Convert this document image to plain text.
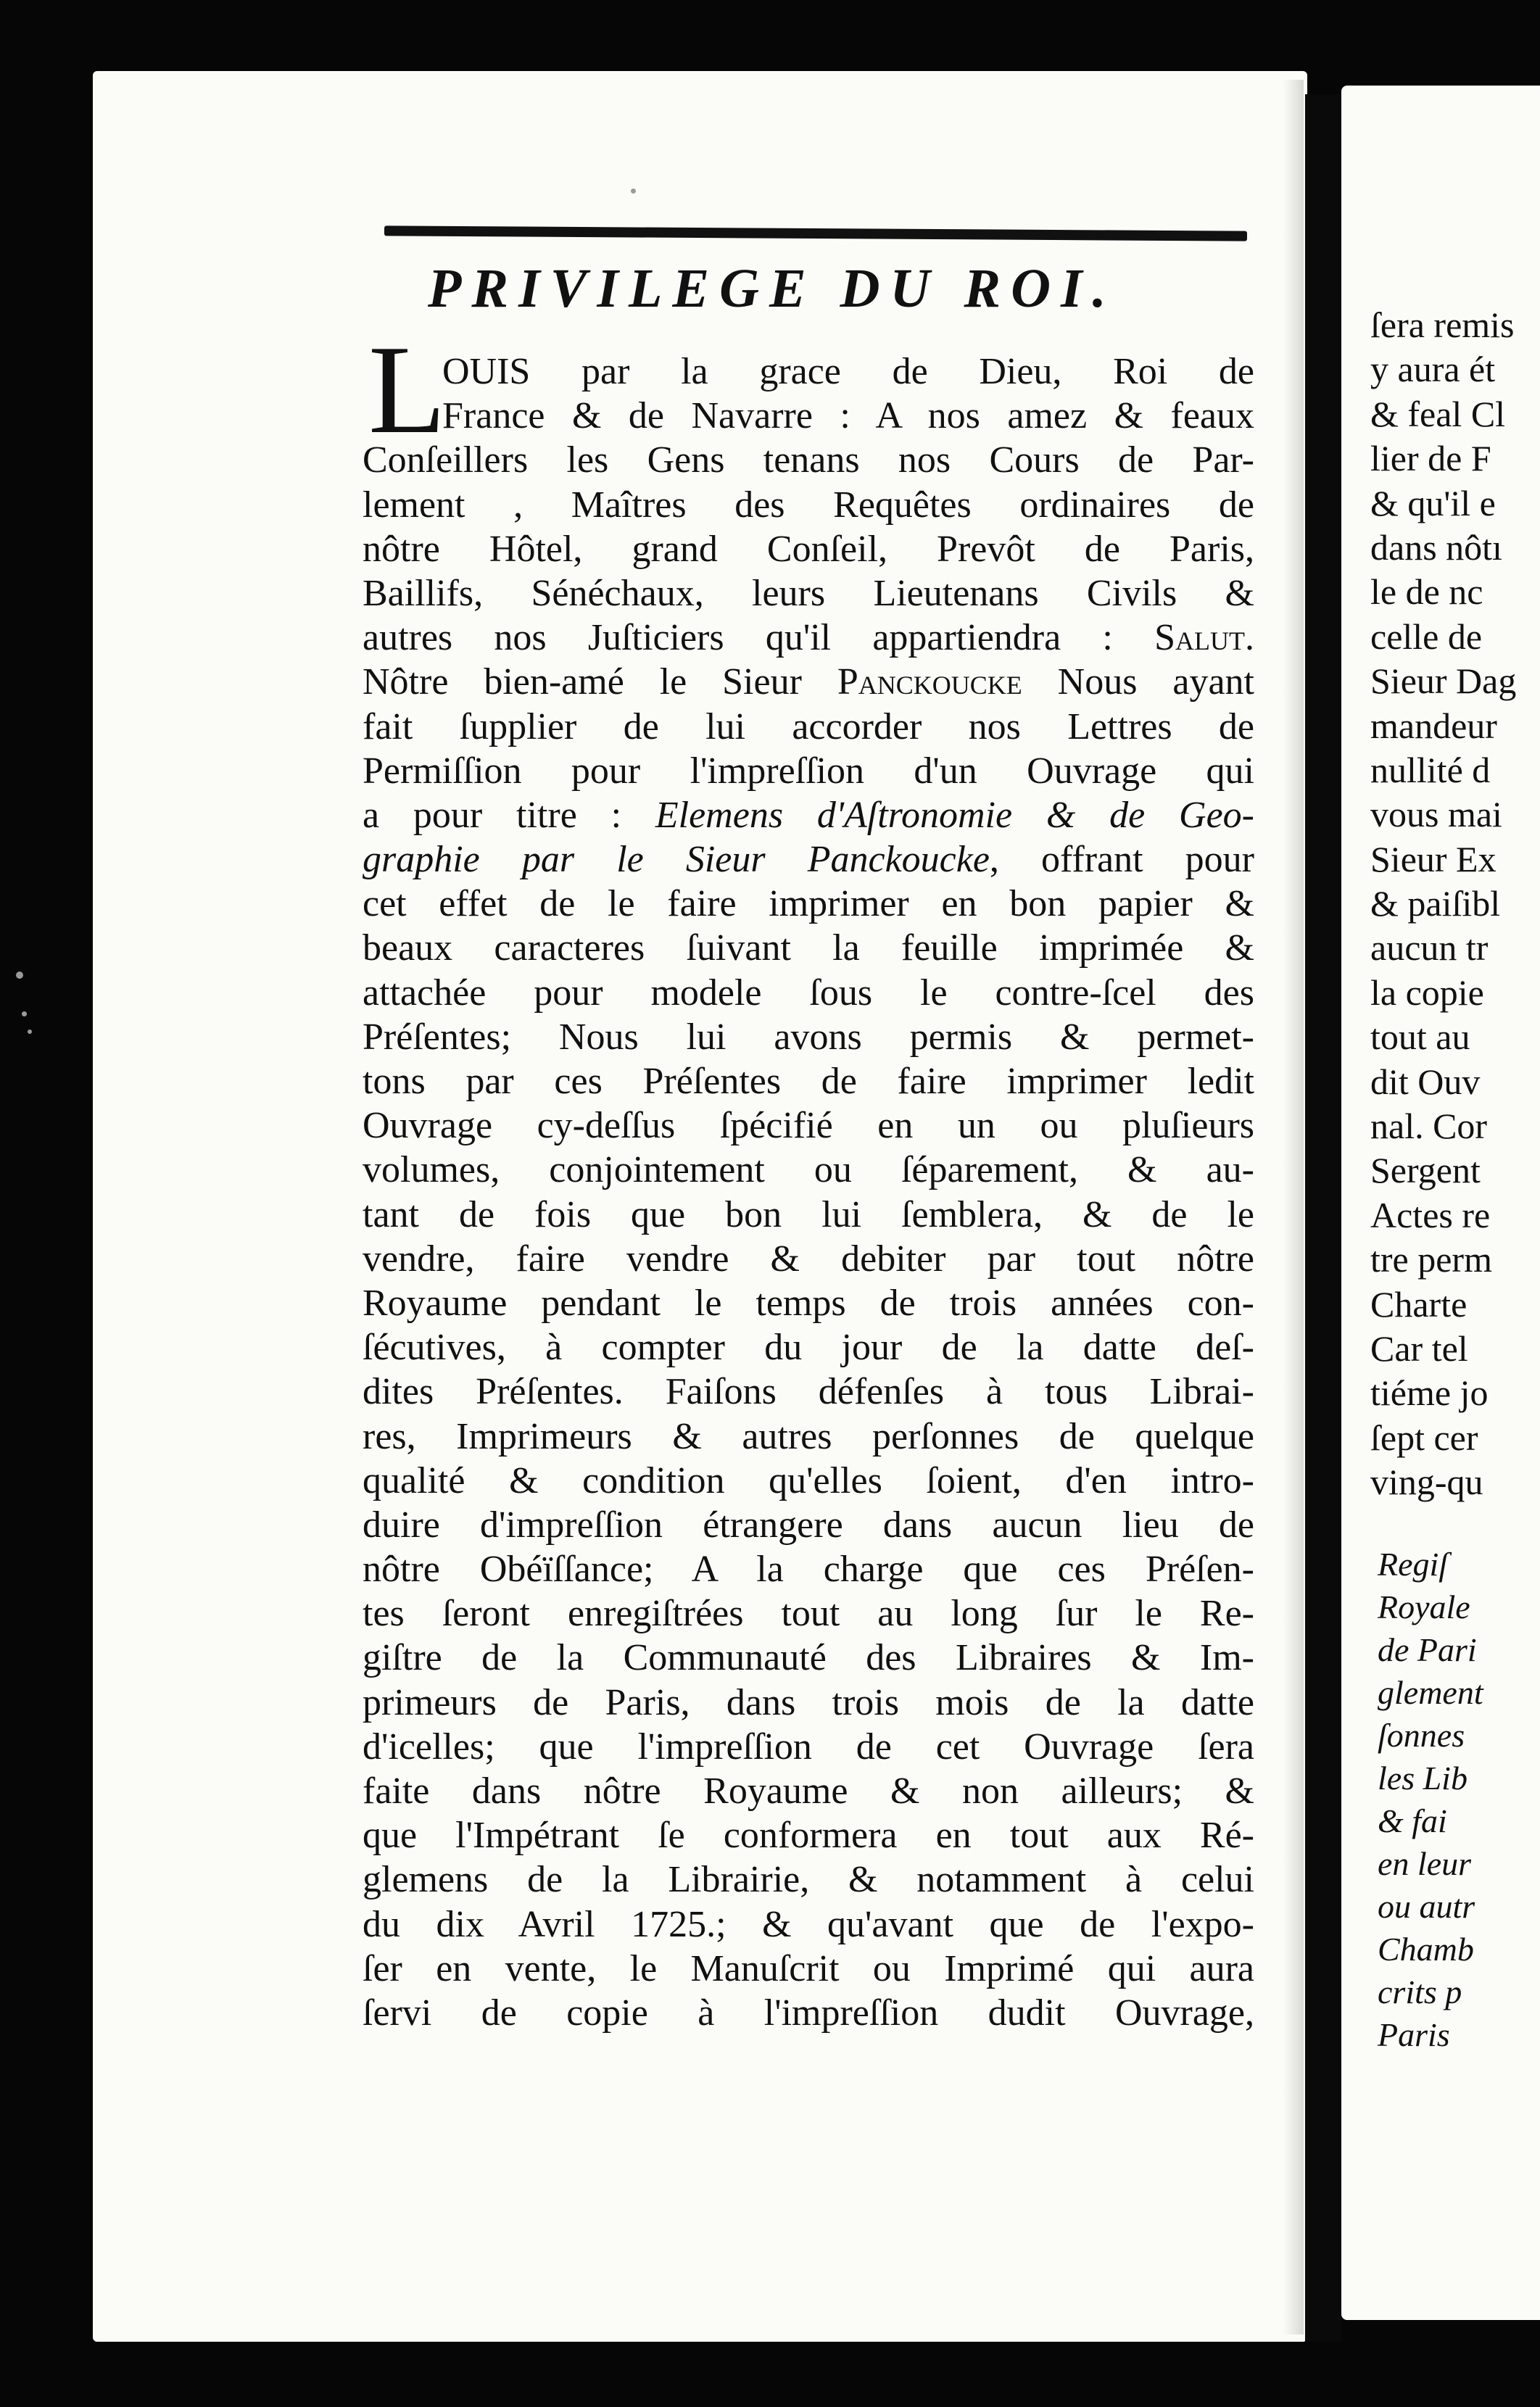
PRIVILEGE DU ROI.
L
OUIS par la grace de Dieu, Roi de
France & de Navarre : A nos amez & feaux
Conſeillers les Gens tenans nos Cours de Par-
lement , Maîtres des Requêtes ordinaires de
nôtre Hôtel, grand Conſeil, Prevôt de Paris,
Baillifs, Sénéchaux, leurs Lieutenans Civils &
autres nos Juſticiers qu'il appartiendra : Salut.
Nôtre bien-amé le Sieur Panckoucke Nous ayant
fait ſupplier de lui accorder nos Lettres de
Permiſſion pour l'impreſſion d'un Ouvrage qui
a pour titre : Elemens d'Aſtronomie & de Geo-
graphie par le Sieur Panckoucke, offrant pour
cet effet de le faire imprimer en bon papier &
beaux caracteres ſuivant la feuille imprimée &
attachée pour modele ſous le contre-ſcel des
Préſentes; Nous lui avons permis & permet-
tons par ces Préſentes de faire imprimer ledit
Ouvrage cy-deſſus ſpécifié en un ou pluſieurs
volumes, conjointement ou ſéparement, & au-
tant de fois que bon lui ſemblera, & de le
vendre, faire vendre & debiter par tout nôtre
Royaume pendant le temps de trois années con-
ſécutives, à compter du jour de la datte deſ-
dites Préſentes. Faiſons défenſes à tous Librai-
res, Imprimeurs & autres perſonnes de quelque
qualité & condition qu'elles ſoient, d'en intro-
duire d'impreſſion étrangere dans aucun lieu de
nôtre Obéïſſance; A la charge que ces Préſen-
tes ſeront enregiſtrées tout au long ſur le Re-
giſtre de la Communauté des Libraires & Im-
primeurs de Paris, dans trois mois de la datte
d'icelles; que l'impreſſion de cet Ouvrage ſera
faite dans nôtre Royaume & non ailleurs; &
que l'Impétrant ſe conformera en tout aux Ré-
glemens de la Librairie, & notamment à celui
du dix Avril 1725.; & qu'avant que de l'expo-
ſer en vente, le Manuſcrit ou Imprimé qui aura
ſervi de copie à l'impreſſion dudit Ouvrage,
ſera remis
y aura ét
& feal Cl
lier de F
& qu'il e
dans nôtı
le de nc
celle de
Sieur Dag
mandeur
nullité d
vous mai
Sieur Ex
& paiſibl
aucun tr
la copie
tout au
dit Ouv
nal. Cor
Sergent
Actes re
tre perm
Charte
Car tel
tiéme jo
ſept cer
ving-qu
Regiſ
Royale
de Pari
glement
ſonnes
les Lib
& fai
en leur
ou autr
Chamb
crits p
Paris
